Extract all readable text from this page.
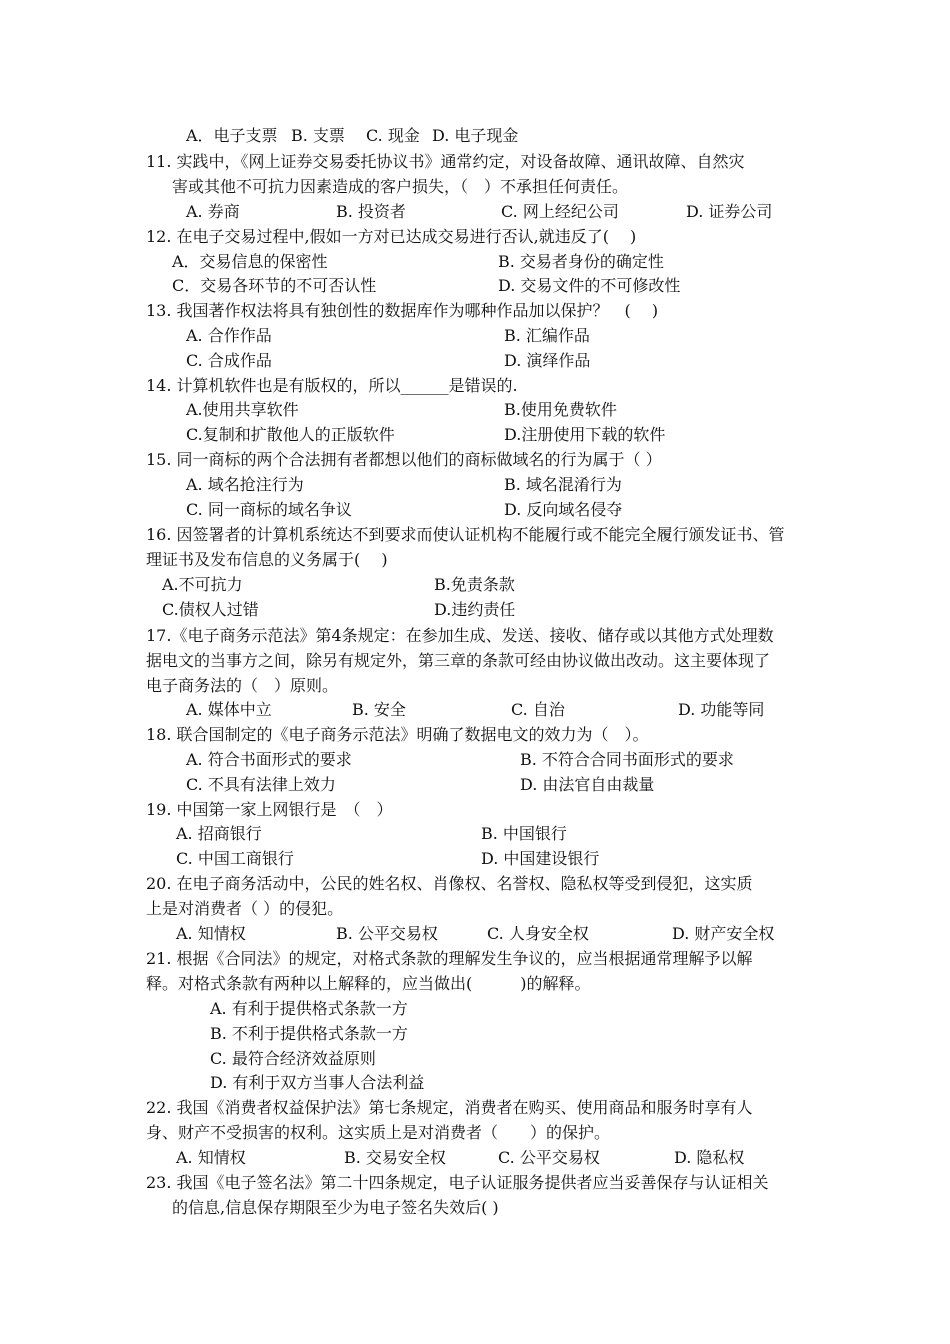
A．电子支票 B. 支票 C. 现金 D. 电子现金
11. 实践中，《网上证券交易委托协议书》通常约定，对设备故障、通讯故障、自然灾
害或其他不可抗力因素造成的客户损失，（　）不承担任何责任。
A. 券商	B. 投资者	C. 网上经纪公司	D. 证券公司
12. 在电子交易过程中,假如一方对已达成交易进行否认,就违反了(　 )
A．交易信息的保密性	B. 交易者身份的确定性
C．交易各环节的不可否认性	D. 交易文件的不可修改性
13. 我国著作权法将具有独创性的数据库作为哪种作品加以保护？　(　 )
A. 合作作品	B. 汇编作品
C. 合成作品	D. 演绎作品
14. 计算机软件也是有版权的，所以______是错误的.
A.使用共享软件	B.使用免费软件
C.复制和扩散他人的正版软件	D.注册使用下载的软件
15. 同一商标的两个合法拥有者都想以他们的商标做域名的行为属于（ ）
A. 域名抢注行为	B. 域名混淆行为
C. 同一商标的域名争议	D. 反向域名侵夺
16. 因签署者的计算机系统达不到要求而使认证机构不能履行或不能完全履行颁发证书、管
理证书及发布信息的义务属于(　 )
A.不可抗力	B.免责条款
C.债权人过错	D.违约责任
17.《电子商务示范法》第4条规定：在参加生成、发送、接收、储存或以其他方式处理数
据电文的当事方之间，除另有规定外，第三章的条款可经由协议做出改动。这主要体现了
电子商务法的（　）原则。
A. 媒体中立	B. 安全	C. 自治	D. 功能等同
18. 联合国制定的《电子商务示范法》明确了数据电文的效力为（　）。
A. 符合书面形式的要求	B. 不符合合同书面形式的要求
C. 不具有法律上效力	D. 由法官自由裁量
19. 中国第一家上网银行是　（　）
A. 招商银行	B. 中国银行
C. 中国工商银行	D. 中国建设银行
20. 在电子商务活动中，公民的姓名权、肖像权、名誉权、隐私权等受到侵犯，这实质
上是对消费者（ ）的侵犯。
A. 知情权	B. 公平交易权	C. 人身安全权	D. 财产安全权
21. 根据《合同法》的规定，对格式条款的理解发生争议的，应当根据通常理解予以解
释。对格式条款有两种以上解释的，应当做出(　　　)的解释。
A. 有利于提供格式条款一方
B. 不利于提供格式条款一方
C. 最符合经济效益原则
D. 有利于双方当事人合法利益
22. 我国《消费者权益保护法》第七条规定，消费者在购买、使用商品和服务时享有人
身、财产不受损害的权利。这实质上是对消费者（　　）的保护。
A. 知情权	B. 交易安全权	C. 公平交易权	D. 隐私权
23. 我国《电子签名法》第二十四条规定，电子认证服务提供者应当妥善保存与认证相关
的信息,信息保存期限至少为电子签名失效后( )
